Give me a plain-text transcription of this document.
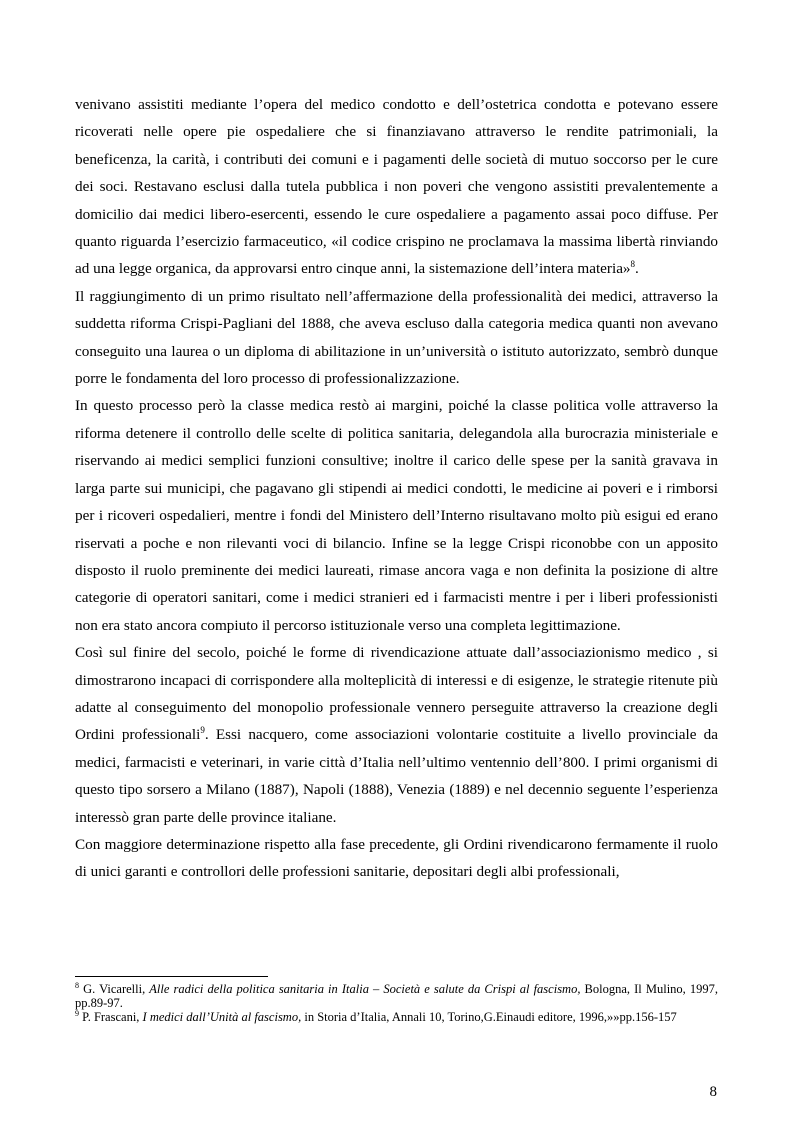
venivano assistiti mediante l’opera del medico condotto e dell’ostetrica condotta e potevano essere ricoverati nelle opere pie ospedaliere che si finanziavano attraverso le rendite patrimoniali, la beneficenza, la carità, i contributi dei comuni e i pagamenti delle società di mutuo soccorso per le cure dei soci. Restavano esclusi dalla tutela pubblica i non poveri che vengono assistiti prevalentemente a domicilio dai medici libero-esercenti, essendo le cure ospedaliere a pagamento assai poco diffuse. Per quanto riguarda l’esercizio farmaceutico, «il codice crispino ne proclamava la massima libertà rinviando ad una legge organica, da approvarsi entro cinque anni, la sistemazione dell’intera materia»$^8$.

Il raggiungimento di un primo risultato nell’affermazione della professionalità dei medici, attraverso la suddetta riforma Crispi-Pagliani del 1888, che aveva escluso dalla categoria medica quanti non avevano conseguito una laurea o un diploma di abilitazione in un’università o istituto autorizzato, sembrò dunque porre le fondamenta del loro processo di professionalizzazione.

In questo processo però la classe medica restò ai margini, poiché la classe politica volle attraverso la riforma detenere il controllo delle scelte di politica sanitaria, delegandola alla burocrazia ministeriale e riservando ai medici semplici funzioni consultive; inoltre il carico delle spese per la sanità gravava in larga parte sui municipi, che pagavano gli stipendi ai medici condotti, le medicine ai poveri e i rimborsi per i ricoveri ospedalieri, mentre i fondi del Ministero dell’Interno risultavano molto più esigui ed erano riservati a poche e non rilevanti voci di bilancio. Infine se la legge Crispi riconobbe con un apposito disposto il ruolo preminente dei medici laureati, rimase ancora vaga e non definita la posizione di altre categorie di operatori sanitari, come i medici stranieri ed i farmacisti mentre i per i liberi professionisti non era stato ancora compiuto il percorso istituzionale verso una completa legittimazione.

Così sul finire del secolo, poiché le forme di rivendicazione attuate dall’associazionismo medico , si dimostrarono incapaci di corrispondere alla molteplicità di interessi e di esigenze, le strategie ritenute più adatte al conseguimento del monopolio professionale vennero perseguite attraverso la creazione degli Ordini professionali$^9$. Essi nacquero, come associazioni volontarie costituite a livello provinciale da medici, farmacisti e veterinari, in varie città d’Italia nell’ultimo ventennio dell’800. I primi organismi di questo tipo sorsero a Milano (1887), Napoli (1888), Venezia (1889) e nel decennio seguente l’esperienza interessò gran parte delle province italiane.

Con maggiore determinazione rispetto alla fase precedente, gli Ordini rivendicarono fermamente il ruolo di unici garanti e controllori delle professioni sanitarie, depositari degli albi professionali,

$^8$ G. Vicarelli, Alle radici della politica sanitaria in Italia – Società e salute da Crispi al fascismo, Bologna, Il Mulino, 1997, pp.89-97.

$^9$ P. Frascani, I medici dall’Unità al fascismo, in Storia d’Italia, Annali 10, Torino,G.Einaudi editore, 1996,»»pp.156-157

8
